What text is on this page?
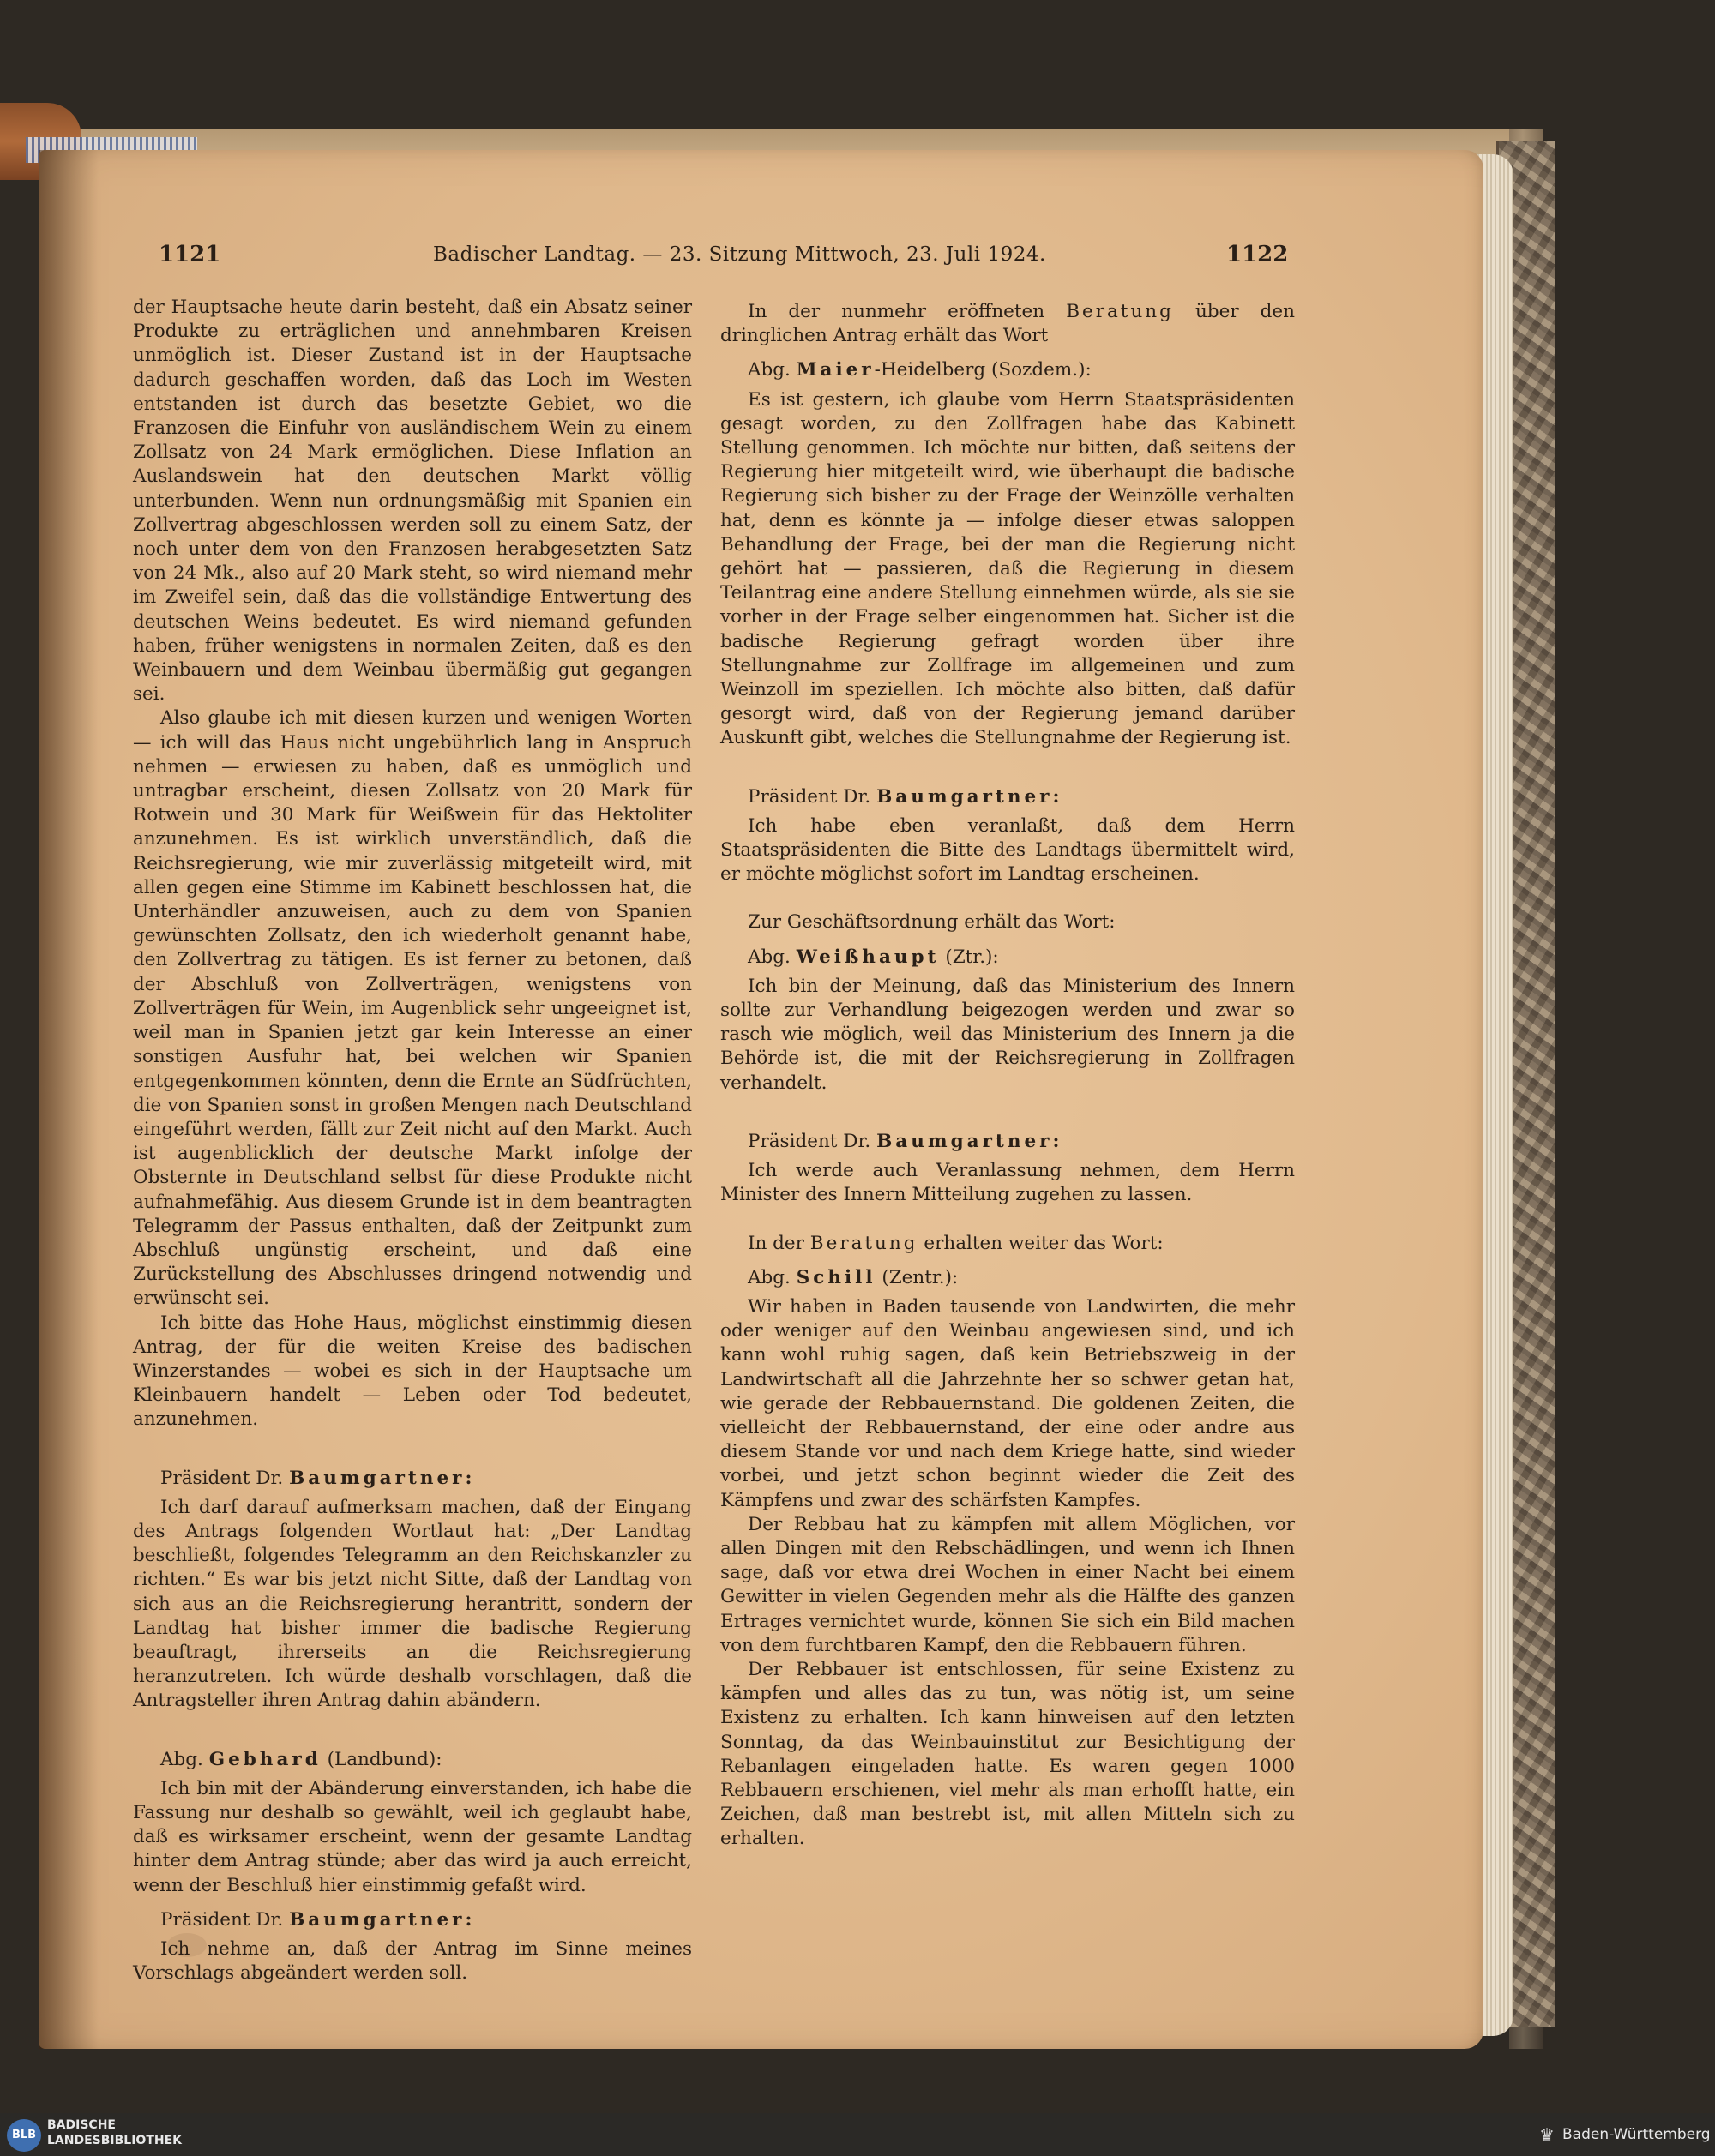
1121	Badischer Landtag. — 23. Sitzung Mittwoch, 23. Juli 1924.	1122

der Hauptsache heute darin besteht, daß ein Absatz seiner Produkte zu erträglichen und annehmbaren Kreisen unmöglich ist. Dieser Zustand ist in der Hauptsache dadurch geschaffen worden, daß das Loch im Westen entstanden ist durch das besetzte Gebiet, wo die Franzosen die Einfuhr von ausländischem Wein zu einem Zollsatz von 24 Mark ermöglichen. Diese Inflation an Auslandswein hat den deutschen Markt völlig unterbunden. Wenn nun ordnungsmäßig mit Spanien ein Zollvertrag abgeschlossen werden soll zu einem Satz, der noch unter dem von den Franzosen herabgesetzten Satz von 24 Mk., also auf 20 Mark steht, so wird niemand mehr im Zweifel sein, daß das die vollständige Entwertung des deutschen Weins bedeutet. Es wird niemand gefunden haben, früher wenigstens in normalen Zeiten, daß es den Weinbauern und dem Weinbau übermäßig gut gegangen sei.

Also glaube ich mit diesen kurzen und wenigen Worten — ich will das Haus nicht ungebührlich lang in Anspruch nehmen — erwiesen zu haben, daß es unmöglich und untragbar erscheint, diesen Zollsatz von 20 Mark für Rotwein und 30 Mark für Weißwein für das Hektoliter anzunehmen. Es ist wirklich unverständlich, daß die Reichsregierung, wie mir zuverlässig mitgeteilt wird, mit allen gegen eine Stimme im Kabinett beschlossen hat, die Unterhändler anzuweisen, auch zu dem von Spanien gewünschten Zollsatz, den ich wiederholt genannt habe, den Zollvertrag zu tätigen. Es ist ferner zu betonen, daß der Abschluß von Zollverträgen, wenigstens von Zollverträgen für Wein, im Augenblick sehr ungeeignet ist, weil man in Spanien jetzt gar kein Interesse an einer sonstigen Ausfuhr hat, bei welchen wir Spanien entgegenkommen könnten, denn die Ernte an Südfrüchten, die von Spanien sonst in großen Mengen nach Deutschland eingeführt werden, fällt zur Zeit nicht auf den Markt. Auch ist augenblicklich der deutsche Markt infolge der Obsternte in Deutschland selbst für diese Produkte nicht aufnahmefähig. Aus diesem Grunde ist in dem beantragten Telegramm der Passus enthalten, daß der Zeitpunkt zum Abschluß ungünstig erscheint, und daß eine Zurückstellung des Abschlusses dringend notwendig und erwünscht sei.

Ich bitte das Hohe Haus, möglichst einstimmig diesen Antrag, der für die weiten Kreise des badischen Winzerstandes — wobei es sich in der Hauptsache um Kleinbauern handelt — Leben oder Tod bedeutet, anzunehmen.

Präsident Dr. Baumgartner:

Ich darf darauf aufmerksam machen, daß der Eingang des Antrags folgenden Wortlaut hat: „Der Landtag beschließt, folgendes Telegramm an den Reichskanzler zu richten.“ Es war bis jetzt nicht Sitte, daß der Landtag von sich aus an die Reichsregierung herantritt, sondern der Landtag hat bisher immer die badische Regierung beauftragt, ihrerseits an die Reichsregierung heranzutreten. Ich würde deshalb vorschlagen, daß die Antragsteller ihren Antrag dahin abändern.

Abg. Gebhard (Landbund):

Ich bin mit der Abänderung einverstanden, ich habe die Fassung nur deshalb so gewählt, weil ich geglaubt habe, daß es wirksamer erscheint, wenn der gesamte Landtag hinter dem Antrag stünde; aber das wird ja auch erreicht, wenn der Beschluß hier einstimmig gefaßt wird.

Präsident Dr. Baumgartner:

Ich nehme an, daß der Antrag im Sinne meines Vorschlags abgeändert werden soll.

In der nunmehr eröffneten Beratung über den dringlichen Antrag erhält das Wort

Abg. Maier-Heidelberg (Sozdem.):

Es ist gestern, ich glaube vom Herrn Staatspräsidenten gesagt worden, zu den Zollfragen habe das Kabinett Stellung genommen. Ich möchte nur bitten, daß seitens der Regierung hier mitgeteilt wird, wie überhaupt die badische Regierung sich bisher zu der Frage der Weinzölle verhalten hat, denn es könnte ja — infolge dieser etwas saloppen Behandlung der Frage, bei der man die Regierung nicht gehört hat — passieren, daß die Regierung in diesem Teilantrag eine andere Stellung einnehmen würde, als sie sie vorher in der Frage selber eingenommen hat. Sicher ist die badische Regierung gefragt worden über ihre Stellungnahme zur Zollfrage im allgemeinen und zum Weinzoll im speziellen. Ich möchte also bitten, daß dafür gesorgt wird, daß von der Regierung jemand darüber Auskunft gibt, welches die Stellungnahme der Regierung ist.

Präsident Dr. Baumgartner:

Ich habe eben veranlaßt, daß dem Herrn Staatspräsidenten die Bitte des Landtags übermittelt wird, er möchte möglichst sofort im Landtag erscheinen.

Zur Geschäftsordnung erhält das Wort:

Abg. Weißhaupt (Ztr.):

Ich bin der Meinung, daß das Ministerium des Innern sollte zur Verhandlung beigezogen werden und zwar so rasch wie möglich, weil das Ministerium des Innern ja die Behörde ist, die mit der Reichsregierung in Zollfragen verhandelt.

Präsident Dr. Baumgartner:

Ich werde auch Veranlassung nehmen, dem Herrn Minister des Innern Mitteilung zugehen zu lassen.

In der Beratung erhalten weiter das Wort:

Abg. Schill (Zentr.):

Wir haben in Baden tausende von Landwirten, die mehr oder weniger auf den Weinbau angewiesen sind, und ich kann wohl ruhig sagen, daß kein Betriebszweig in der Landwirtschaft all die Jahrzehnte her so schwer getan hat, wie gerade der Rebbauernstand. Die goldenen Zeiten, die vielleicht der Rebbauernstand, der eine oder andre aus diesem Stande vor und nach dem Kriege hatte, sind wieder vorbei, und jetzt schon beginnt wieder die Zeit des Kämpfens und zwar des schärfsten Kampfes.

Der Rebbau hat zu kämpfen mit allem Möglichen, vor allen Dingen mit den Rebschädlingen, und wenn ich Ihnen sage, daß vor etwa drei Wochen in einer Nacht bei einem Gewitter in vielen Gegenden mehr als die Hälfte des ganzen Ertrages vernichtet wurde, können Sie sich ein Bild machen von dem furchtbaren Kampf, den die Rebbauern führen.

Der Rebbauer ist entschlossen, für seine Existenz zu kämpfen und alles das zu tun, was nötig ist, um seine Existenz zu erhalten. Ich kann hinweisen auf den letzten Sonntag, da das Weinbauinstitut zur Besichtigung der Rebanlagen eingeladen hatte. Es waren gegen 1000 Rebbauern erschienen, viel mehr als man erhofft hatte, ein Zeichen, daß man bestrebt ist, mit allen Mitteln sich zu erhalten.

BLB
BADISCHE
LANDESBIBLIOTHEK	♛ Baden-Württemberg
